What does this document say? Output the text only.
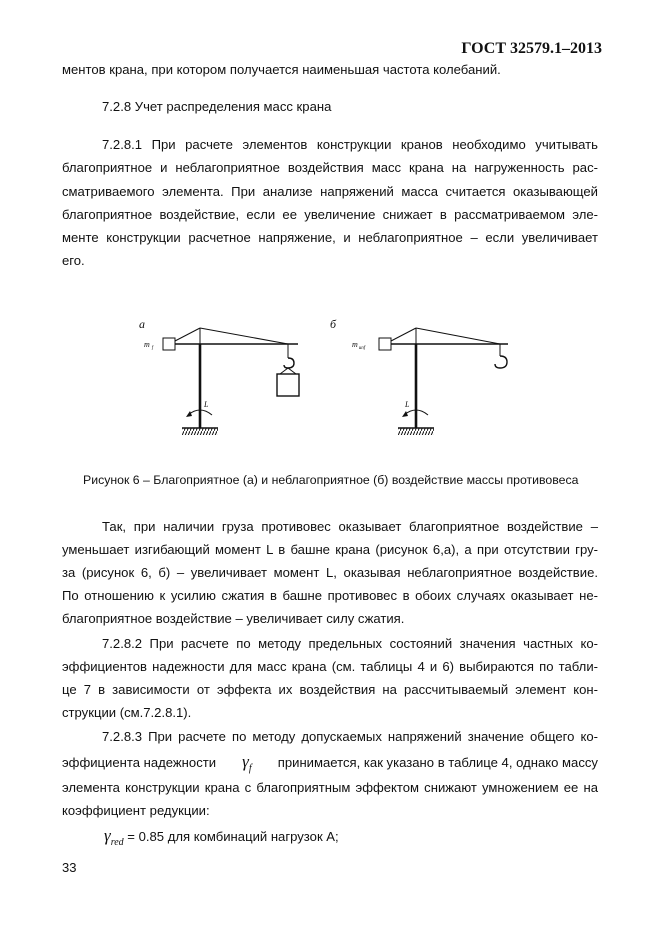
ГОСТ 32579.1–2013
ментов крана, при котором получается наименьшая частота колебаний.
7.2.8 Учет распределения масс крана
7.2.8.1 При расчете элементов конструкции кранов необходимо учитывать
благоприятное и неблагоприятное воздействия масс крана на нагруженность рас-
сматриваемого элемента. При анализе напряжений масса считается оказывающей
благоприятное воздействие, если ее увеличение снижает в рассматриваемом эле-
менте конструкции расчетное напряжение, и неблагоприятное – если увеличивает
его.
а
m $_f$
L
б
$m_{unf}$
L
Рисунок 6 – Благоприятное (а) и неблагоприятное (б) воздействие массы противовеса
Так, при наличии груза противовес оказывает благоприятное воздействие –
уменьшает изгибающий момент L в башне крана (рисунок 6,а), а при отсутствии гру-
за (рисунок 6, б) – увеличивает момент L, оказывая неблагоприятное воздействие.
По отношению к усилию сжатия в башне противовес в обоих случаях оказывает не-
благоприятное воздействие – увеличивает силу сжатия.
7.2.8.2 При расчете по методу предельных состояний значения частных ко-
эффициентов надежности для масс крана (см. таблицы 4 и 6) выбираются по табли-
це 7 в зависимости от эффекта их воздействия на рассчитываемый элемент кон-
струкции (см.7.2.8.1).
7.2.8.3 При расчете по методу допускаемых напряжений значение общего ко-
эффициента надежности $\gamma_f$ принимается, как указано в таблице 4, однако массу
элемента конструкции крана с благоприятным эффектом снижают умножением ее на
коэффициент редукции:
$\gamma_{red} = 0.85$ для комбинаций нагрузок А;
33
